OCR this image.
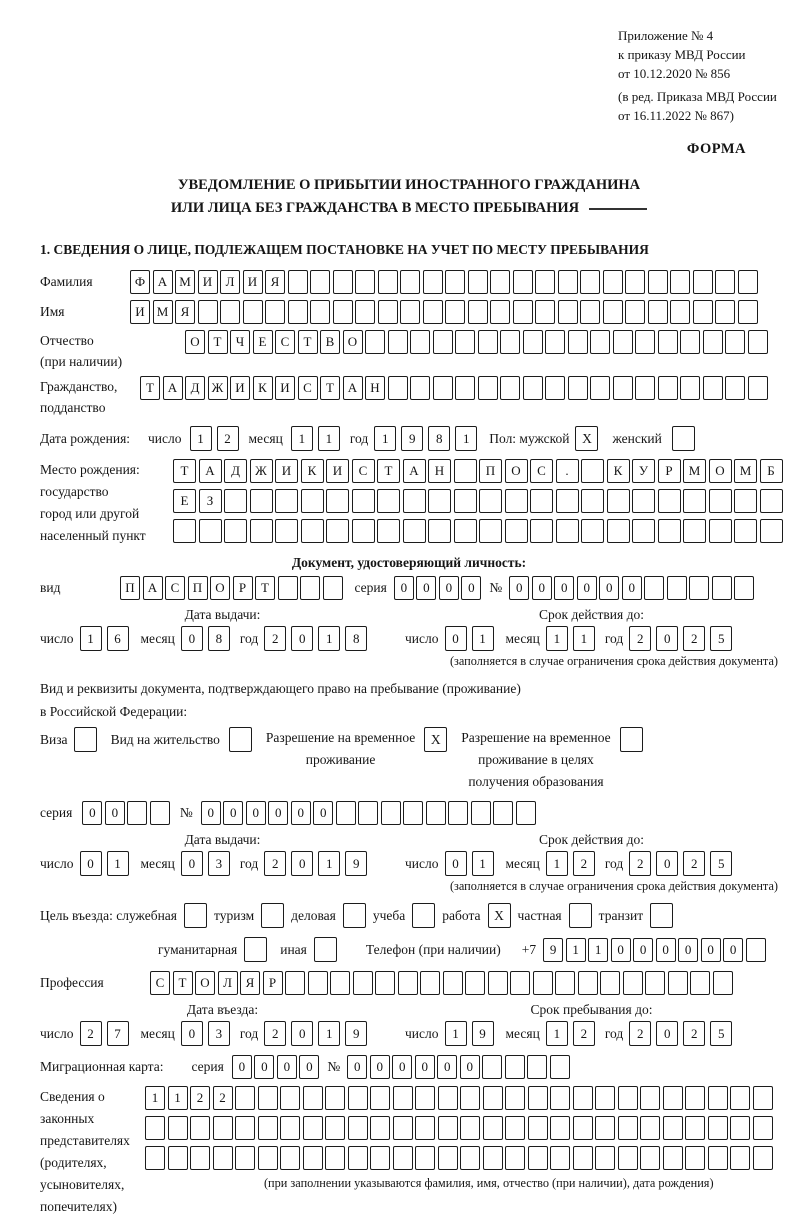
Приложение № 4
к приказу МВД России
от 10.12.2020 № 856
(в ред. Приказа МВД России
от 16.11.2022 № 867)
ФОРМА
УВЕДОМЛЕНИЕ О ПРИБЫТИИ ИНОСТРАННОГО ГРАЖДАНИНА
ИЛИ ЛИЦА БЕЗ ГРАЖДАНСТВА В МЕСТО ПРЕБЫВАНИЯ
1. СВЕДЕНИЯ О ЛИЦЕ, ПОДЛЕЖАЩЕМ ПОСТАНОВКЕ НА УЧЕТ ПО МЕСТУ ПРЕБЫВАНИЯ
Фамилия	Ф А М И	Л	И	Я
Имя	И М Я
Отчество
(при наличии)
О	Т	Ч	Е	С	Т	В	О
Гражданство,
подданство
Т	А	Д Ж И	К	И	С	Т	А	Н
Дата рождения:	число	1	2	месяц	1	1	год	1	9	8	1	Пол: мужской X	женский
Место рождения:
государство
город или другой
населенный пункт
Т	А	Д	Ж	И	К	И	С	Т	А	Н	П	О	С	.	К	У	Р	М	О	М	Б
Е	З
Документ, удостоверяющий личность:
вид	П	А	С	П	О	Р	Т	серия	0	0	0	0	№	0	0	0	0	0	0
Дата выдачи:	Срок действия до:
число	1	6	месяц	0	8	год	2	0	1	8	число	0	1	месяц	1	1	год	2	0	2	5
(заполняется в случае ограничения срока действия документа)
Вид и реквизиты документа, подтверждающего право на пребывание (проживание)
в Российской Федерации:
Виза	Вид на жительство	Разрешение на временное
проживание
X	Разрешение на временное
проживание в целях
получения образования
серия	0	0	№	0	0	0	0	0	0
Дата выдачи:	Срок действия до:
число	0	1	месяц	0	3	год	2	0	1	9	число	0	1	месяц	1	2	год	2	0	2	5
(заполняется в случае ограничения срока действия документа)
Цель въезда: служебная	туризм	деловая	учеба	работа	X	частная	транзит
гуманитарная	иная	Телефон (при наличии) +7	9	1	1	0	0	0	0	0	0
Профессия	С	Т	О	Л	Я	Р
Дата въезда:	Срок пребывания до:
число	2	7	месяц	0	3	год	2	0	1	9	число	1	9	месяц	1	2	год	2	0	2	5
Миграционная карта: серия	0	0	0	0	№	0	0	0	0	0	0
Сведения о
законных
представителях
(родителях,
усыновителях,
попечителях)
1	1	2	2
(при заполнении указываются фамилия, имя, отчество (при наличии), дата рождения)
